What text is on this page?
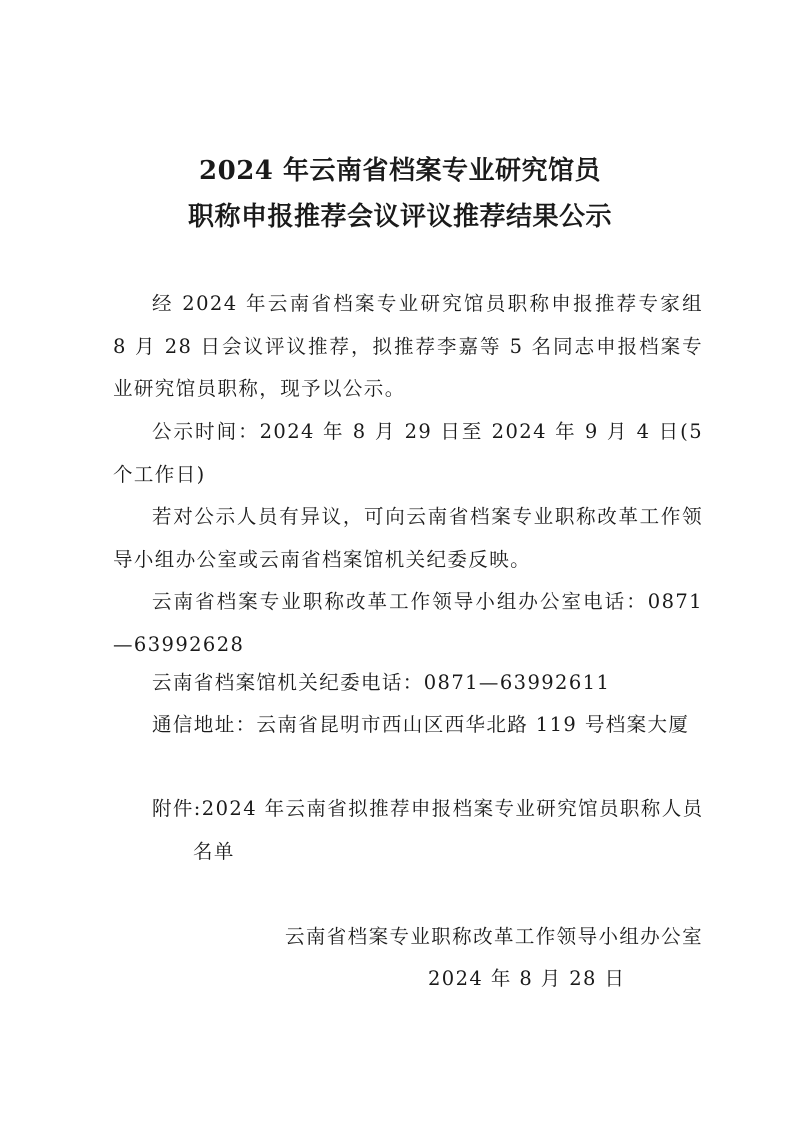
2024 年云南省档案专业研究馆员
职称申报推荐会议评议推荐结果公示

经 2024 年云南省档案专业研究馆员职称申报推荐专家组 8 月 28 日会议评议推荐，拟推荐李嘉等 5 名同志申报档案专业研究馆员职称，现予以公示。

公示时间：2024 年 8 月 29 日至 2024 年 9 月 4 日(5 个工作日)

若对公示人员有异议，可向云南省档案专业职称改革工作领导小组办公室或云南省档案馆机关纪委反映。

云南省档案专业职称改革工作领导小组办公室电话：0871—63992628

云南省档案馆机关纪委电话：0871—63992611
通信地址：云南省昆明市西山区西华北路 119 号档案大厦
附件:2024 年云南省拟推荐申报档案专业研究馆员职称人员
名单
云南省档案专业职称改革工作领导小组办公室
2024 年 8 月 28 日
